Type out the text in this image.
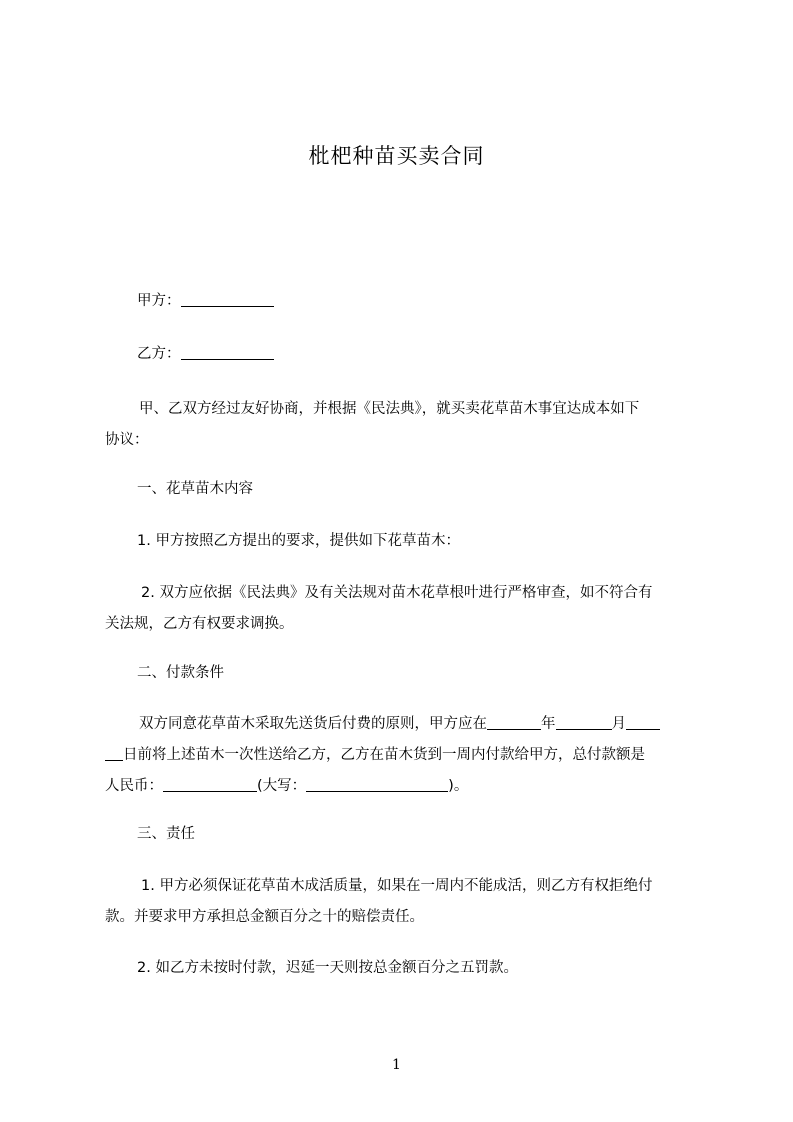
枇杷种苗买卖合同
甲方：
乙方：
甲、乙双方经过友好协商，并根据《民法典》，就买卖花草苗木事宜达成本如下
协议：
一、花草苗木内容
1. 甲方按照乙方提出的要求，提供如下花草苗木：
2. 双方应依据《民法典》及有关法规对苗木花草根叶进行严格审查，如不符合有
关法规，乙方有权要求调换。
二、付款条件
双方同意花草苗木采取先送货后付费的原则，甲方应在	年	月
日前将上述苗木一次性送给乙方，乙方在苗木货到一周内付款给甲方，总付款额是
人民币：	(大写：	)。
三、责任
1. 甲方必须保证花草苗木成活质量，如果在一周内不能成活，则乙方有权拒绝付
款。并要求甲方承担总金额百分之十的赔偿责任。
2. 如乙方未按时付款，迟延一天则按总金额百分之五罚款。
1
